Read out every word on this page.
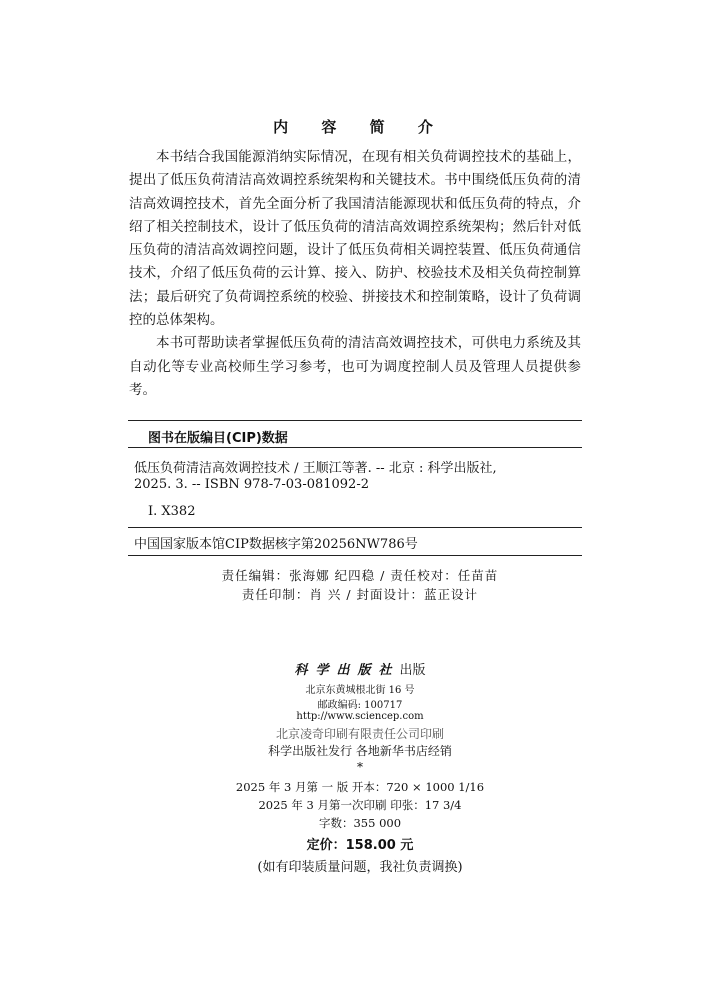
内 容 简 介

本书结合我国能源消纳实际情况，在现有相关负荷调控技术的基础上，提出了低压负荷清洁高效调控系统架构和关键技术。书中围绕低压负荷的清洁高效调控技术，首先全面分析了我国清洁能源现状和低压负荷的特点，介绍了相关控制技术，设计了低压负荷的清洁高效调控系统架构；然后针对低压负荷的清洁高效调控问题，设计了低压负荷相关调控装置、低压负荷通信技术，介绍了低压负荷的云计算、接入、防护、校验技术及相关负荷控制算法；最后研究了负荷调控系统的校验、拼接技术和控制策略，设计了负荷调控的总体架构。

本书可帮助读者掌握低压负荷的清洁高效调控技术，可供电力系统及其自动化等专业高校师生学习参考，也可为调度控制人员及管理人员提供参考。

图书在版编目(CIP)数据
低压负荷清洁高效调控技术 / 王顺江等著. -- 北京 : 科学出版社,
2025. 3. -- ISBN 978-7-03-081092-2
Ⅰ. X382
中国国家版本馆CIP数据核字第20256NW786号
责任编辑：张海娜 纪四稳 / 责任校对：任苗苗
责任印制：肖 兴 / 封面设计：蓝正设计
科学出版社出版
北京东黄城根北街 16 号
邮政编码: 100717
http://www.sciencep.com
北京凌奇印刷有限责任公司印刷
科学出版社发行 各地新华书店经销
*
2025 年 3 月第 一 版 开本：720 × 1000 1/16
2025 年 3 月第一次印刷 印张：17 3/4
字数：355 000
定价：158.00 元
(如有印装质量问题，我社负责调换)
